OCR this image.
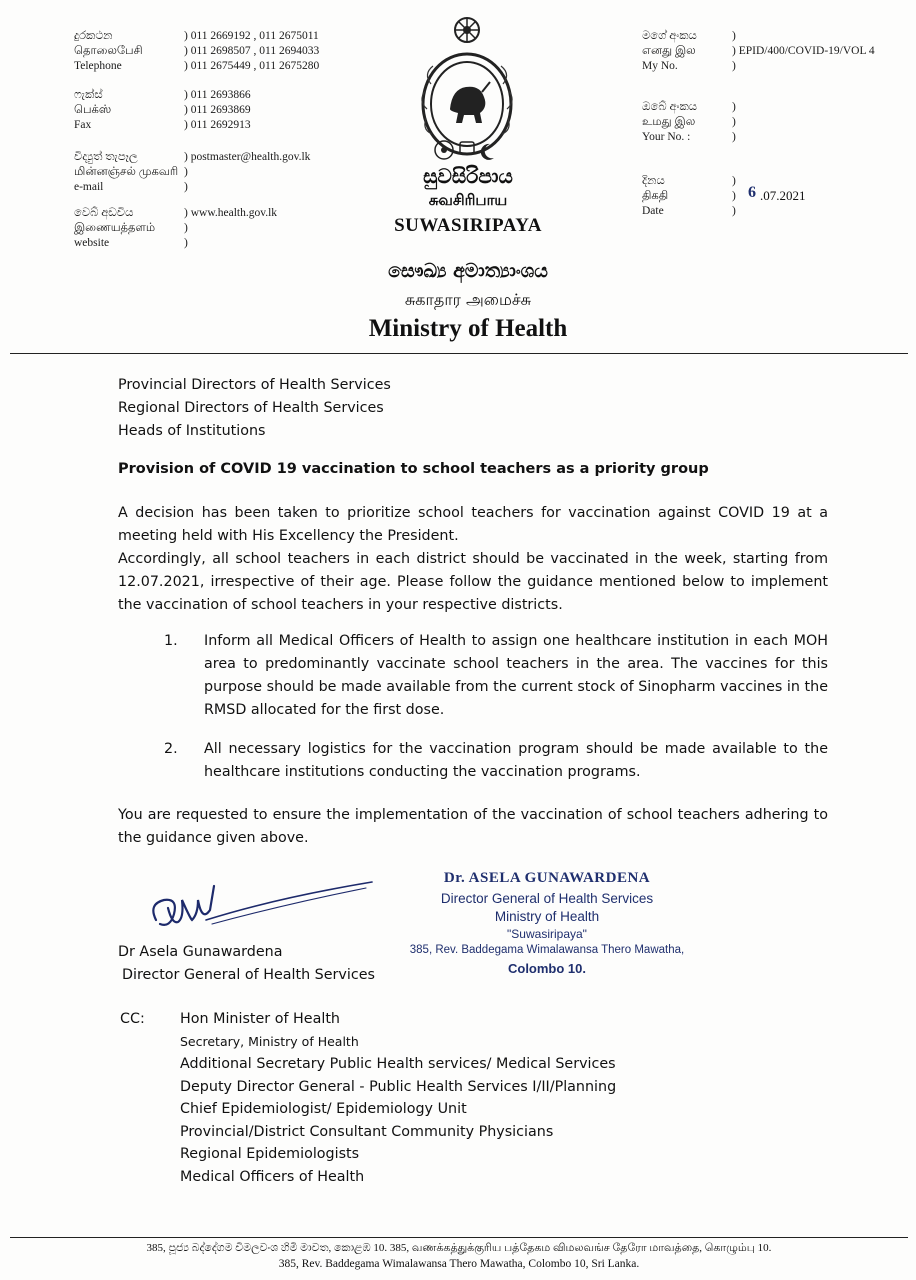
දුරකථන
தொலைபேசி
Telephone
) 011 2669192 , 011 2675011
) 011 2698507 , 011 2694033
) 011 2675449 , 011 2675280
ෆැක්ස්
பெக்ஸ்
Fax
) 011 2693866
) 011 2693869
) 011 2692913
විද්‍යුත් තැපෑල
மின்னஞ்சல் முகவரி
e-mail
) postmaster@health.gov.lk
)
)
වෙබ් අඩවිය
இணையத்தளம்
website
) www.health.gov.lk
)
)
සුවසිරිපාය
சுவசிரிபாய
SUWASIRIPAYA
මගේ අංකය
எனது இல
My No.
)
) EPID/400/COVID-19/VOL 4
)
ඔබේ අංකය
உமது இல
Your No. :
)
)
)
දිනය
திகதி
Date
)
)
)
6 .07.2021
සෞඛ්‍ය අමාත්‍යාංශය
சுகாதார அமைச்சு
Ministry of Health
Provincial Directors of Health Services
Regional Directors of Health Services
Heads of Institutions
Provision of COVID 19 vaccination to school teachers as a priority group
A decision has been taken to prioritize school teachers for vaccination against COVID 19 at a meeting held with His Excellency the President.
Accordingly, all school teachers in each district should be vaccinated in the week, starting from 12.07.2021, irrespective of their age. Please follow the guidance mentioned below to implement the vaccination of school teachers in your respective districts.
1. Inform all Medical Officers of Health to assign one healthcare institution in each MOH area to predominantly vaccinate school teachers in the area. The vaccines for this purpose should be made available from the current stock of Sinopharm vaccines in the RMSD allocated for the first dose.
2. All necessary logistics for the vaccination program should be made available to the healthcare institutions conducting the vaccination programs.
You are requested to ensure the implementation of the vaccination of school teachers adhering to the guidance given above.
Dr Asela Gunawardena
Director General of Health Services
Dr. ASELA GUNAWARDENA
Director General of Health Services
Ministry of Health
"Suwasiripaya"
385, Rev. Baddegama Wimalawansa Thero Mawatha,
Colombo 10.
CC: Hon Minister of Health
Secretary, Ministry of Health
Additional Secretary Public Health services/ Medical Services
Deputy Director General - Public Health Services I/II/Planning
Chief Epidemiologist/ Epidemiology Unit
Provincial/District Consultant Community Physicians
Regional Epidemiologists
Medical Officers of Health
385, පූජ්‍ය බද්දේගම විමලවංශ හිමි මාවත, කොළඹ 10. 385, வணக்கத்துக்குரிய பத்தேகம விமலவங்ச தேரோ மாவத்தை, கொழும்பு 10.
385, Rev. Baddegama Wimalawansa Thero Mawatha, Colombo 10, Sri Lanka.
